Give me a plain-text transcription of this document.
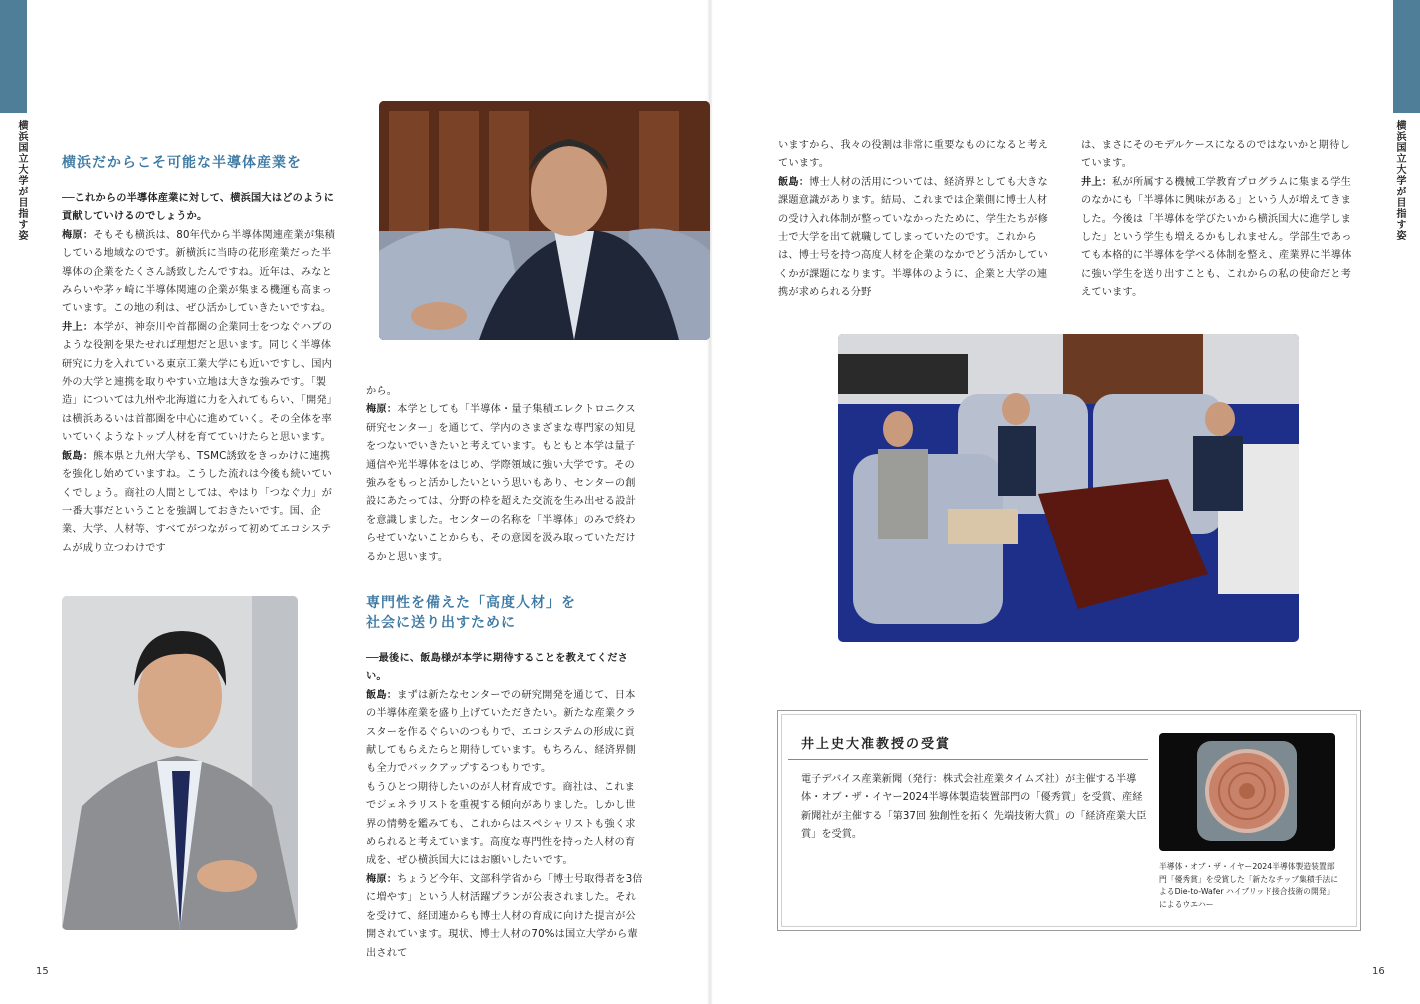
横浜国立大学が目指す姿	横浜国立大学が目指す姿
横浜だからこそ可能な半導体産業を

──これからの半導体産業に対して、横浜国大はどのように貢献していけるのでしょうか。

梅原：そもそも横浜は、80年代から半導体関連産業が集積している地域なのです。新横浜に当時の花形産業だった半導体の企業をたくさん誘致したんですね。近年は、みなとみらいや茅ヶ崎に半導体関連の企業が集まる機運も高まっています。この地の利は、ぜひ活かしていきたいですね。

井上：本学が、神奈川や首都圏の企業同士をつなぐハブのような役割を果たせれば理想だと思います。同じく半導体研究に力を入れている東京工業大学にも近いですし、国内外の大学と連携を取りやすい立地は大きな強みです。「製造」については九州や北海道に力を入れてもらい、「開発」は横浜あるいは首都圏を中心に進めていく。その全体を率いていくようなトップ人材を育てていけたらと思います。

飯島：熊本県と九州大学も、TSMC誘致をきっかけに連携を強化し始めていますね。こうした流れは今後も続いていくでしょう。商社の人間としては、やはり「つなぐ力」が一番大事だということを強調しておきたいです。国、企業、大学、人材等、すべてがつながって初めてエコシステムが成り立つわけです

から。

梅原：本学としても「半導体・量子集積エレクトロニクス研究センター」を通じて、学内のさまざまな専門家の知見をつないでいきたいと考えています。もともと本学は量子通信や光半導体をはじめ、学際領域に強い大学です。その強みをもっと活かしたいという思いもあり、センターの創設にあたっては、分野の枠を超えた交流を生み出せる設計を意識しました。センターの名称を「半導体」のみで終わらせていないことからも、その意図を汲み取っていただけるかと思います。

専門性を備えた「高度人材」を
社会に送り出すために

──最後に、飯島様が本学に期待することを教えてください。

飯島：まずは新たなセンターでの研究開発を通じて、日本の半導体産業を盛り上げていただきたい。新たな産業クラスターを作るぐらいのつもりで、エコシステムの形成に貢献してもらえたらと期待しています。もちろん、経済界側も全力でバックアップするつもりです。

もうひとつ期待したいのが人材育成です。商社は、これまでジェネラリストを重視する傾向がありました。しかし世界の情勢を鑑みても、これからはスペシャリストも強く求められると考えています。高度な専門性を持った人材の育成を、ぜひ横浜国大にはお願いしたいです。

梅原：ちょうど今年、文部科学省から「博士号取得者を3倍に増やす」という人材活躍プランが公表されました。それを受けて、経団連からも博士人材の育成に向けた提言が公開されています。現状、博士人材の70%は国立大学から輩出されて

15

いますから、我々の役割は非常に重要なものになると考えています。

飯島：博士人材の活用については、経済界としても大きな課題意識があります。結局、これまでは企業側に博士人材の受け入れ体制が整っていなかったために、学生たちが修士で大学を出て就職してしまっていたのです。これからは、博士号を持つ高度人材を企業のなかでどう活かしていくかが課題になります。半導体のように、企業と大学の連携が求められる分野

は、まさにそのモデルケースになるのではないかと期待しています。

井上：私が所属する機械工学教育プログラムに集まる学生のなかにも「半導体に興味がある」という人が増えてきました。今後は「半導体を学びたいから横浜国大に進学しました」という学生も増えるかもしれません。学部生であっても本格的に半導体を学べる体制を整え、産業界に半導体に強い学生を送り出すことも、これからの私の使命だと考えています。

井上史大准教授の受賞
電子デバイス産業新聞（発行：株式会社産業タイムズ社）が主催する半導体・オブ・ザ・イヤー2024半導体製造装置部門の「優秀賞」を受賞、産経新聞社が主催する「第37回 独創性を拓く 先端技術大賞」の「経済産業大臣賞」を受賞。
半導体・オブ・ザ・イヤー2024半導体製造装置部門「優秀賞」を受賞した「新たなチップ集積手法によるDie-to-Wafer ハイブリッド接合技術の開発」によるウエハー
16
